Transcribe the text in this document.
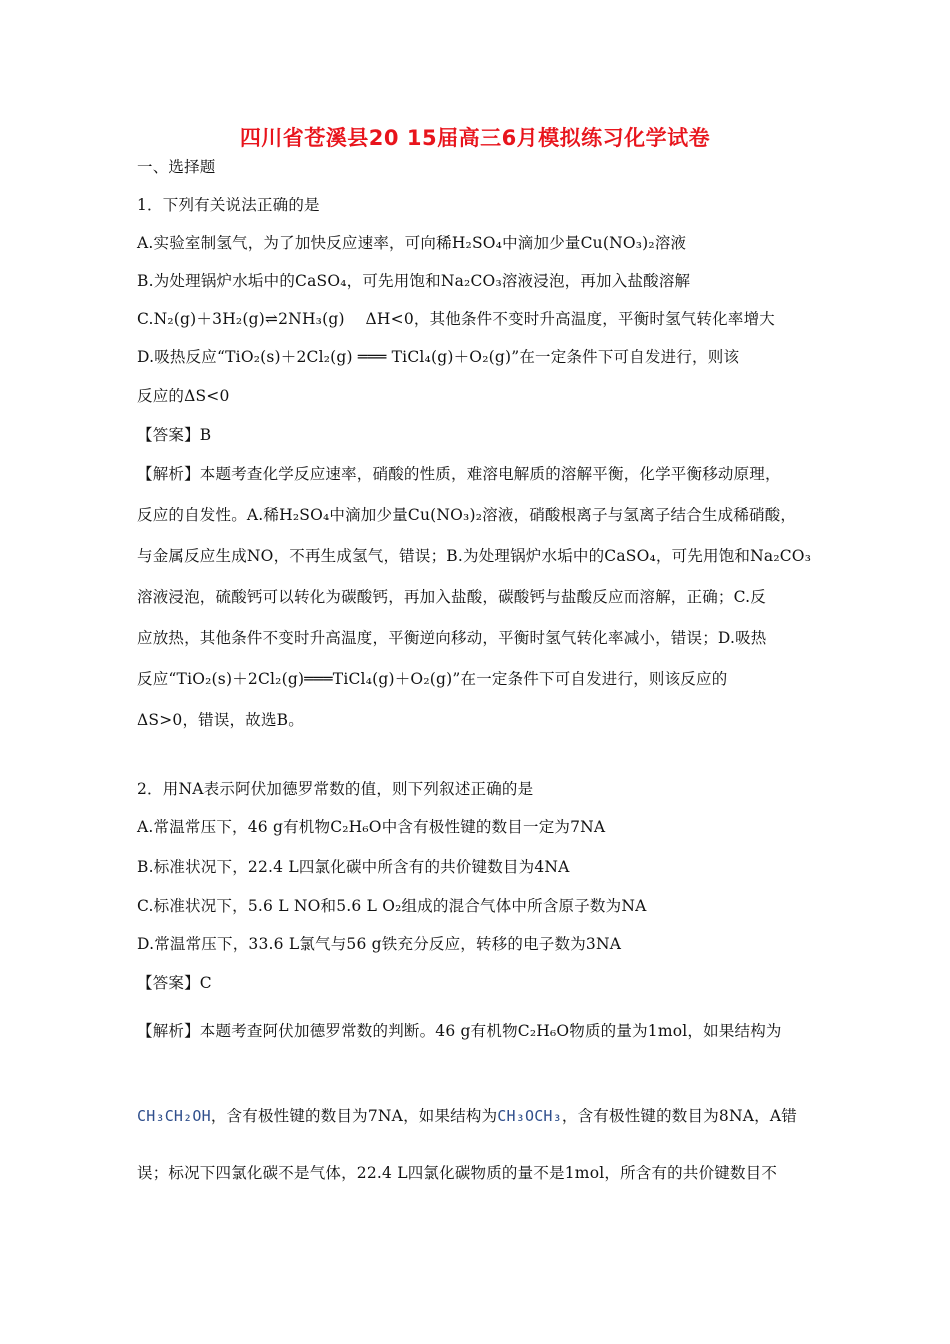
四川省苍溪县20 15届高三6月模拟练习化学试卷
一、选择题
1．下列有关说法正确的是
A.实验室制氢气，为了加快反应速率，可向稀H₂SO₄中滴加少量Cu(NO₃)₂溶液
B.为处理锅炉水垢中的CaSO₄，可先用饱和Na₂CO₃溶液浸泡，再加入盐酸溶解
C.N₂(g)＋3H₂(g)⇌2NH₃(g)　 ΔH<0，其他条件不变时升高温度，平衡时氢气转化率增大
D.吸热反应“TiO₂(s)＋2Cl₂(g) ═══ TiCl₄(g)＋O₂(g)”在一定条件下可自发进行，则该
反应的ΔS<0
【答案】B
【解析】本题考查化学反应速率，硝酸的性质，难溶电解质的溶解平衡，化学平衡移动原理，
反应的自发性。A.稀H₂SO₄中滴加少量Cu(NO₃)₂溶液，硝酸根离子与氢离子结合生成稀硝酸，
与金属反应生成NO，不再生成氢气，错误；B.为处理锅炉水垢中的CaSO₄，可先用饱和Na₂CO₃
溶液浸泡，硫酸钙可以转化为碳酸钙，再加入盐酸，碳酸钙与盐酸反应而溶解，正确；C.反
应放热，其他条件不变时升高温度，平衡逆向移动，平衡时氢气转化率减小，错误；D.吸热
反应“TiO₂(s)＋2Cl₂(g)═══TiCl₄(g)＋O₂(g)”在一定条件下可自发进行，则该反应的
ΔS>0，错误，故选B。
2．用NA表示阿伏加德罗常数的值，则下列叙述正确的是
A.常温常压下，46 g有机物C₂H₆O中含有极性键的数目一定为7NA
B.标准状况下，22.4 L四氯化碳中所含有的共价键数目为4NA
C.标准状况下，5.6 L NO和5.6 L O₂组成的混合气体中所含原子数为NA
D.常温常压下，33.6 L氯气与56 g铁充分反应，转移的电子数为3NA
【答案】C
【解析】本题考查阿伏加德罗常数的判断。46 g有机物C₂H₆O物质的量为1mol，如果结构为
CH₃CH₂OH，含有极性键的数目为7NA，如果结构为CH₃OCH₃，含有极性键的数目为8NA，A错
误；标况下四氯化碳不是气体，22.4 L四氯化碳物质的量不是1mol，所含有的共价键数目不
